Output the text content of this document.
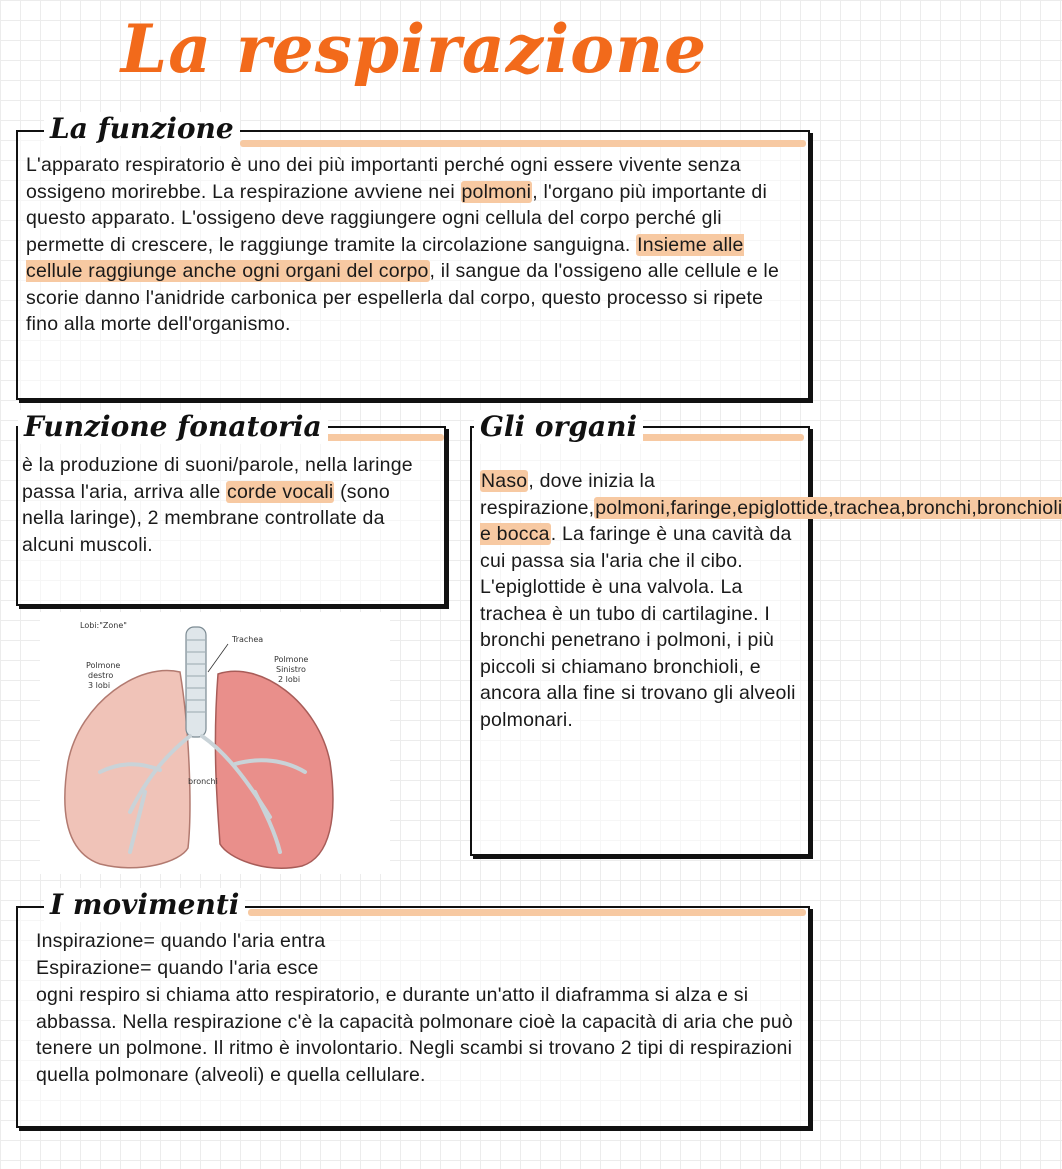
La respirazione
La funzione

L'apparato respiratorio è uno dei più importanti perché ogni essere vivente senza ossigeno morirebbe. La respirazione avviene nei polmoni, l'organo più importante di questo apparato. L'ossigeno deve raggiungere ogni cellula del corpo perché gli permette di crescere, le raggiunge tramite la circolazione sanguigna. Insieme alle cellule raggiunge anche ogni organi del corpo, il sangue da l'ossigeno alle cellule e le scorie danno l'anidride carbonica per espellerla dal corpo, questo processo si ripete fino alla morte dell'organismo.

Funzione fonatoria

è la produzione di suoni/parole, nella laringe passa l'aria, arriva alle corde vocali (sono nella laringe), 2 membrane controllate da alcuni muscoli.

Gli organi

Naso, dove inizia la respirazione,polmoni,faringe,epiglottide,trachea,bronchi,bronchioli e bocca. La faringe è una cavità da cui passa sia l'aria che il cibo. L'epiglottide è una valvola. La trachea è un tubo di cartilagine. I bronchi penetrano i polmoni, i più piccoli si chiamano bronchioli, e ancora alla fine si trovano gli alveoli polmonari.

Lobi:"Zone"
Trachea
Polmone
destro
3 lobi
Polmone
Sinistro
2 lobi
bronchi
I movimenti

Inspirazione= quando l'aria entra

Espirazione= quando l'aria esce

ogni respiro si chiama atto respiratorio, e durante un'atto il diaframma si alza e si abbassa. Nella respirazione c'è la capacità polmonare cioè la capacità di aria che può tenere un polmone. Il ritmo è involontario. Negli scambi si trovano 2 tipi di respirazioni quella polmonare (alveoli) e quella cellulare.
